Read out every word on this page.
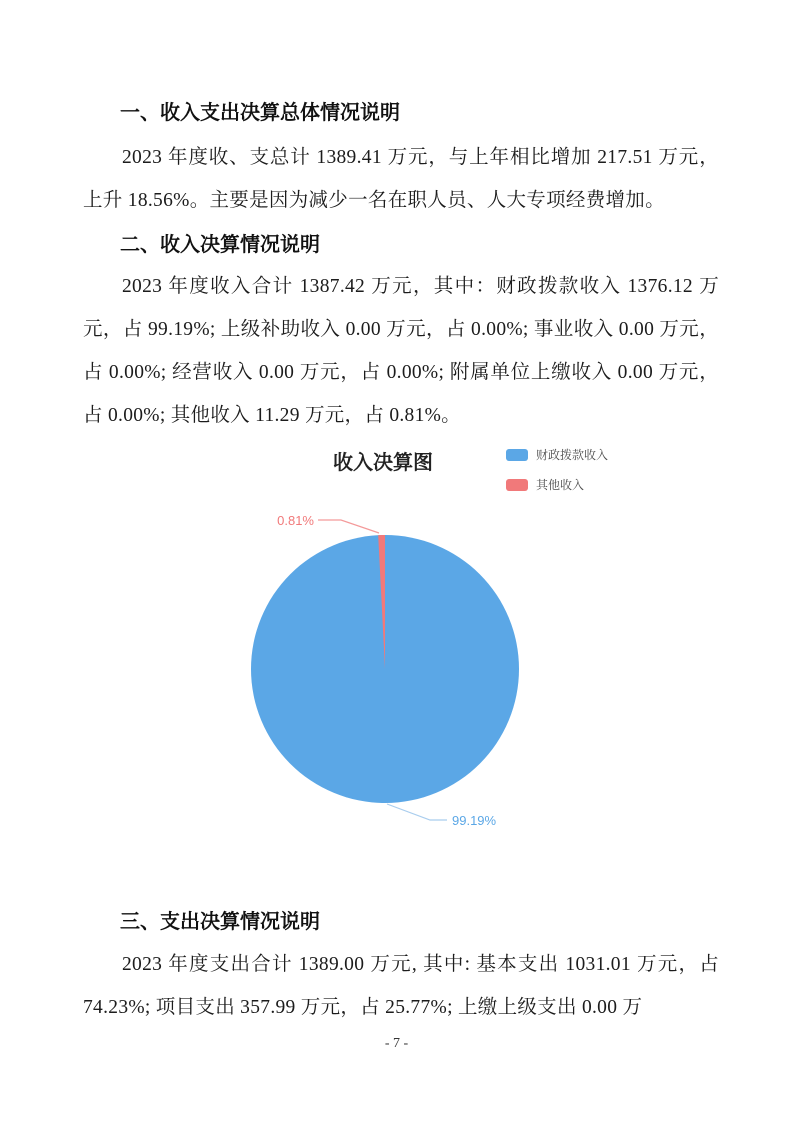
一、收入支出决算总体情况说明

2023 年度收、支总计 1389.41 万元，与上年相比增加 217.51 万元，上升 18.56%。主要是因为减少一名在职人员、人大专项经费增加。

二、收入决算情况说明

2023 年度收入合计 1387.42 万元，其中：财政拨款收入 1376.12 万元，占 99.19%; 上级补助收入 0.00 万元，占 0.00%; 事业收入 0.00 万元，占 0.00%; 经营收入 0.00 万元，占 0.00%; 附属单位上缴收入 0.00 万元，占 0.00%; 其他收入 11.29 万元，占 0.81%。

收入决算图	财政拨款收入
其他收入
0.81%
99.19%
三、支出决算情况说明

2023 年度支出合计 1389.00 万元, 其中: 基本支出 1031.01 万元，占 74.23%; 项目支出 357.99 万元，占 25.77%; 上缴上级支出 0.00 万

- 7 -
